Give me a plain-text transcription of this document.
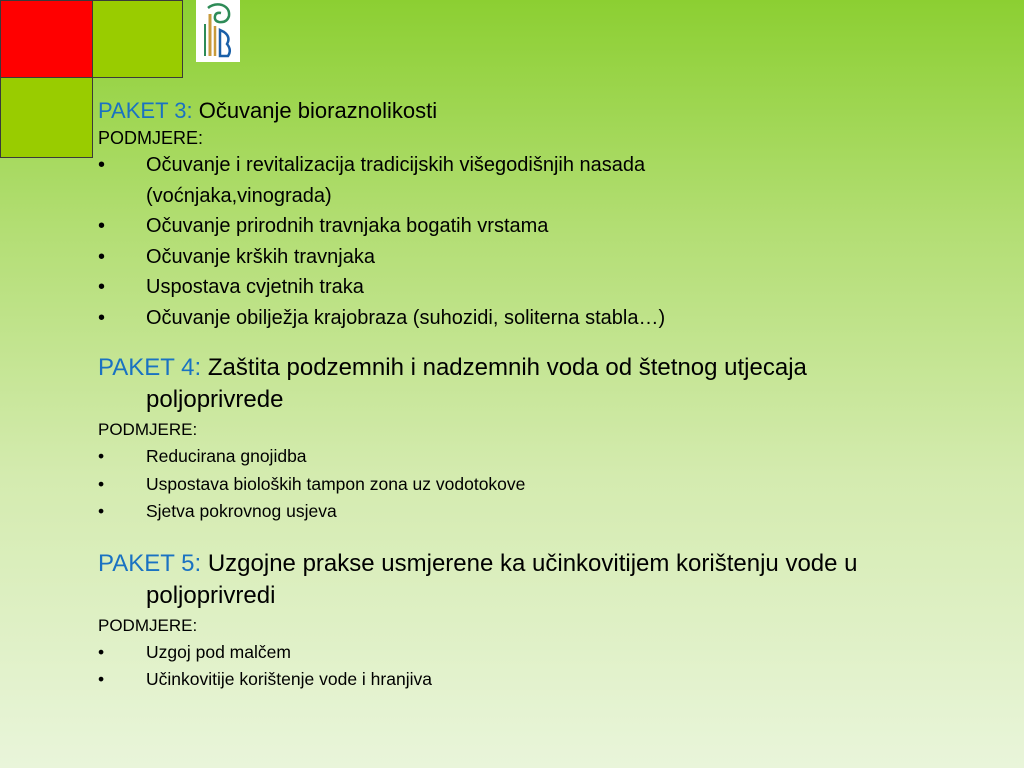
PAKET 3: Očuvanje bioraznolikosti
PODMJERE:
• Očuvanje i revitalizacija tradicijskih višegodišnjih nasada
(voćnjaka,vinograda)
• Očuvanje prirodnih travnjaka bogatih vrstama
• Očuvanje krških travnjaka
• Uspostava cvjetnih traka
• Očuvanje obilježja krajobraza (suhozidi, soliterna stabla…)
PAKET 4: Zaštita podzemnih i nadzemnih voda od štetnog utjecaja
poljoprivrede
PODMJERE:
• Reducirana gnojidba
• Uspostava bioloških tampon zona uz vodotokove
• Sjetva pokrovnog usjeva
PAKET 5: Uzgojne prakse usmjerene ka učinkovitijem korištenju vode u
poljoprivredi
PODMJERE:
• Uzgoj pod malčem
• Učinkovitije korištenje vode i hranjiva
